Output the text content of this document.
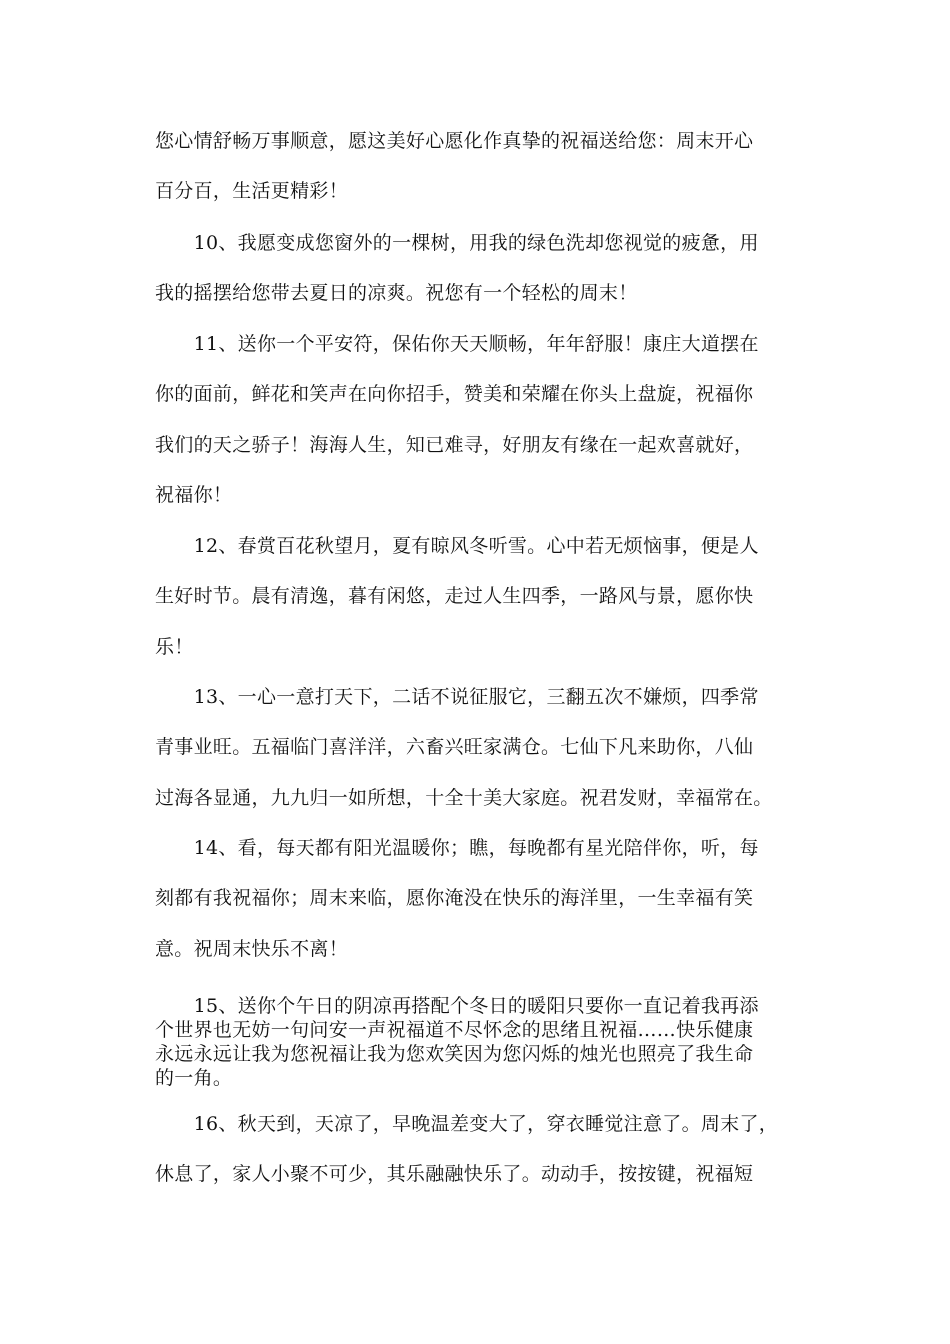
您心情舒畅万事顺意，愿这美好心愿化作真挚的祝福送给您：周末开心
百分百，生活更精彩！

　　10、我愿变成您窗外的一棵树，用我的绿色洗却您视觉的疲惫，用
我的摇摆给您带去夏日的凉爽。祝您有一个轻松的周末！

　　11、送你一个平安符，保佑你天天顺畅，年年舒服！康庄大道摆在
你的面前，鲜花和笑声在向你招手，赞美和荣耀在你头上盘旋，祝福你
我们的天之骄子！海海人生，知已难寻，好朋友有缘在一起欢喜就好，
祝福你！

　　12、春赏百花秋望月，夏有晾风冬听雪。心中若无烦恼事，便是人
生好时节。晨有清逸，暮有闲悠，走过人生四季，一路风与景，愿你快
乐！

　　13、一心一意打天下，二话不说征服它，三翻五次不嫌烦，四季常
青事业旺。五福临门喜洋洋，六畜兴旺家满仓。七仙下凡来助你，八仙
过海各显通，九九归一如所想，十全十美大家庭。祝君发财，幸福常在。

　　14、看，每天都有阳光温暖你；瞧，每晚都有星光陪伴你，听，每
刻都有我祝福你；周末来临，愿你淹没在快乐的海洋里，一生幸福有笑
意。祝周末快乐不离！

　　15、送你个午日的阴凉再搭配个冬日的暖阳只要你一直记着我再添
个世界也无妨一句问安一声祝福道不尽怀念的思绪且祝福……快乐健康
永远永远让我为您祝福让我为您欢笑因为您闪烁的烛光也照亮了我生命
的一角。

　　16、秋天到，天凉了，早晚温差变大了，穿衣睡觉注意了。周末了，
休息了，家人小聚不可少，其乐融融快乐了。动动手，按按键，祝福短
